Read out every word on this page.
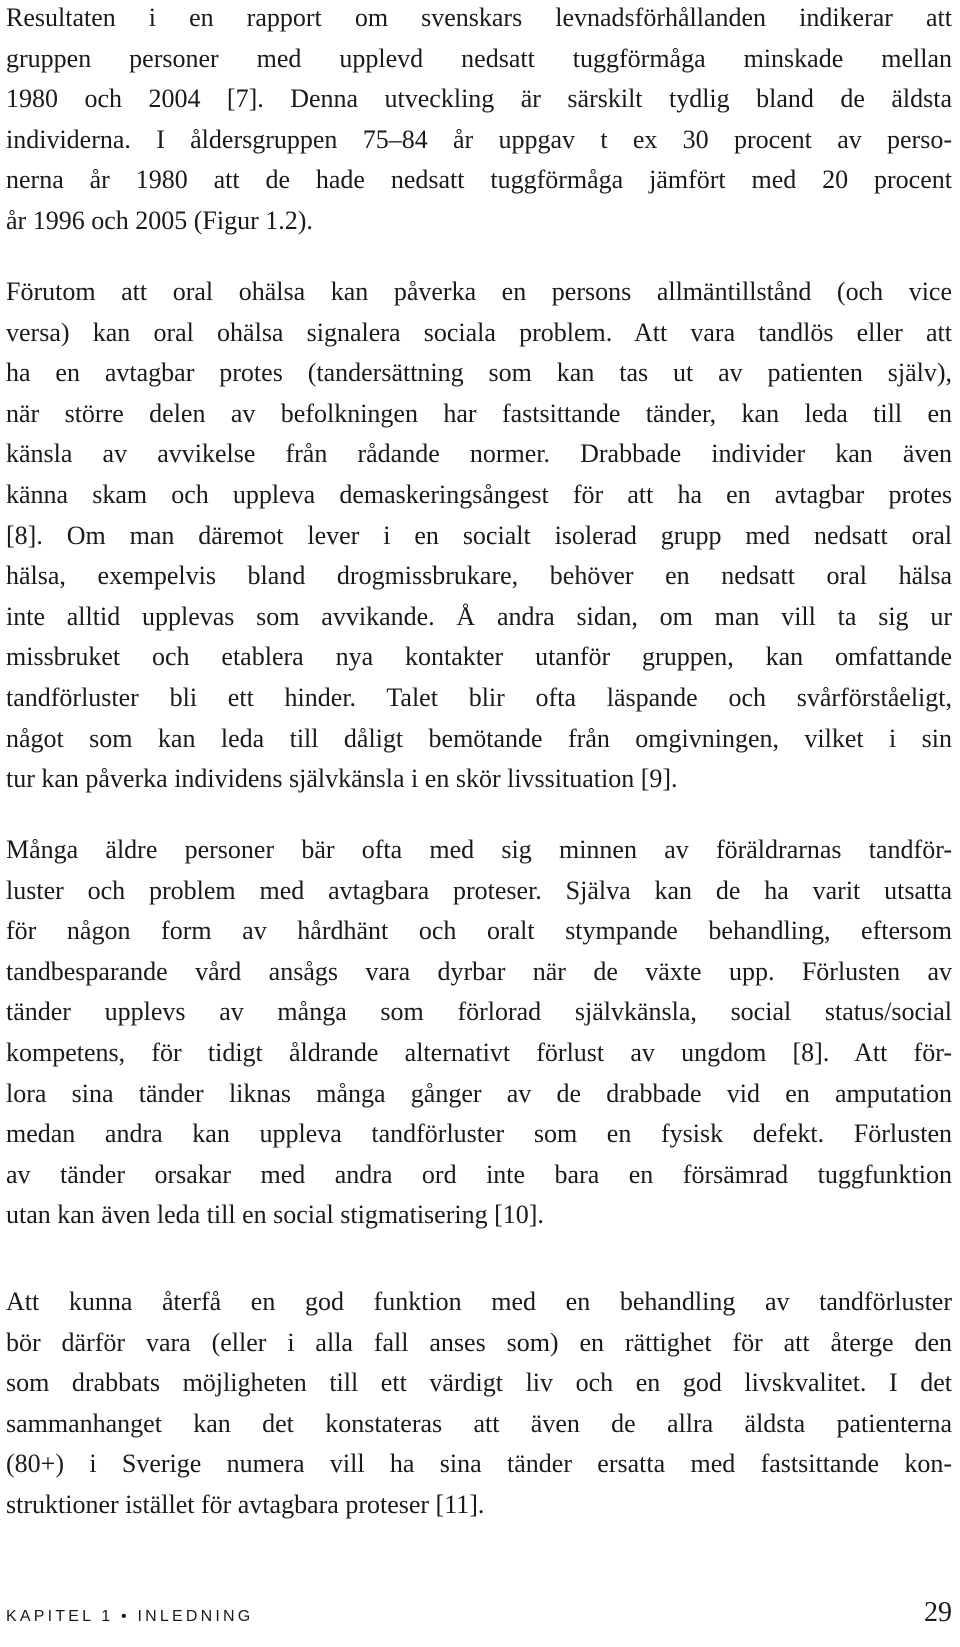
Resultaten i en rapport om svenskars levnadsförhållanden indikerar att
gruppen personer med upplevd nedsatt tuggförmåga minskade mellan
1980 och 2004 [7]. Denna utveckling är särskilt tydlig bland de äldsta
individerna. I åldersgruppen 75–84 år uppgav t ex 30 procent av perso-
nerna år 1980 att de hade nedsatt tuggförmåga jämfört med 20 procent
år 1996 och 2005 (Figur 1.2).
Förutom att oral ohälsa kan påverka en persons allmäntillstånd (och vice
versa) kan oral ohälsa signalera sociala problem. Att vara tandlös eller att
ha en avtagbar protes (tandersättning som kan tas ut av patienten själv),
när större delen av befolkningen har fastsittande tänder, kan leda till en
känsla av avvikelse från rådande normer. Drabbade individer kan även
känna skam och uppleva demaskeringsångest för att ha en avtagbar protes
[8]. Om man däremot lever i en socialt isolerad grupp med nedsatt oral
hälsa, exempelvis bland drogmissbrukare, behöver en nedsatt oral hälsa
inte alltid upplevas som avvikande. Å andra sidan, om man vill ta sig ur
missbruket och etablera nya kontakter utanför gruppen, kan omfattande
tandförluster bli ett hinder. Talet blir ofta läspande och svårförståeligt,
något som kan leda till dåligt bemötande från omgivningen, vilket i sin
tur kan påverka individens självkänsla i en skör livssituation [9].
Många äldre personer bär ofta med sig minnen av föräldrarnas tandför-
luster och problem med avtagbara proteser. Själva kan de ha varit utsatta
för någon form av hårdhänt och oralt stympande behandling, eftersom
tandbesparande vård ansågs vara dyrbar när de växte upp. Förlusten av
tänder upplevs av många som förlorad självkänsla, social status/social
kompetens, för tidigt åldrande alternativt förlust av ungdom [8]. Att för-
lora sina tänder liknas många gånger av de drabbade vid en amputation
medan andra kan uppleva tandförluster som en fysisk defekt. Förlusten
av tänder orsakar med andra ord inte bara en försämrad tuggfunktion
utan kan även leda till en social stigmatisering [10].
Att kunna återfå en god funktion med en behandling av tandförluster
bör därför vara (eller i alla fall anses som) en rättighet för att återge den
som drabbats möjligheten till ett värdigt liv och en god livskvalitet. I det
sammanhanget kan det konstateras att även de allra äldsta patienterna
(80+) i Sverige numera vill ha sina tänder ersatta med fastsittande kon-
struktioner istället för avtagbara proteser [11].
KAPITEL 1 • INLEDNING	29
